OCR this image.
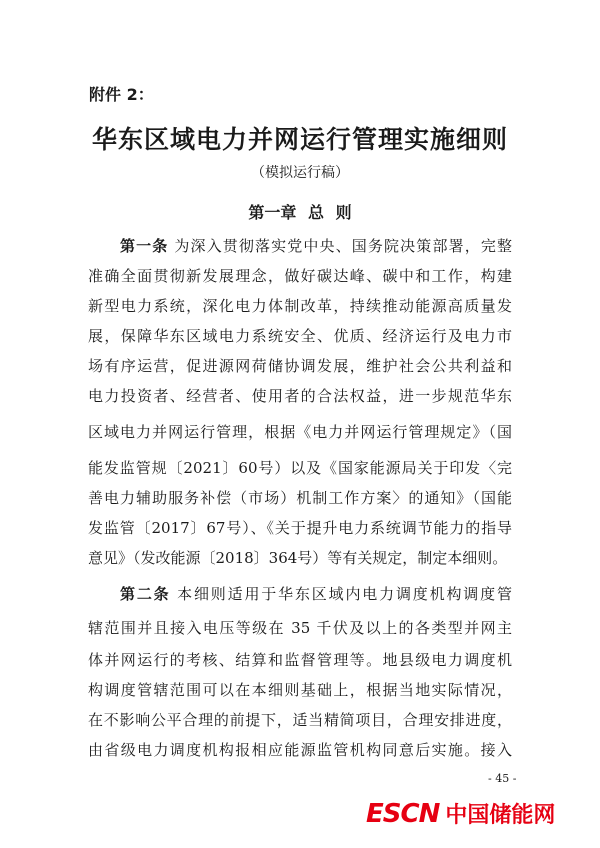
附件 2：
华东区域电力并网运行管理实施细则
（模拟运行稿）
第一章 总 则
第一条 为深入贯彻落实党中央、国务院决策部署，完整
准确全面贯彻新发展理念，做好碳达峰、碳中和工作，构建
新型电力系统，深化电力体制改革，持续推动能源高质量发
展，保障华东区域电力系统安全、优质、经济运行及电力市
场有序运营，促进源网荷储协调发展，维护社会公共利益和
电力投资者、经营者、使用者的合法权益，进一步规范华东
区域电力并网运行管理，根据《电力并网运行管理规定》（国
能发监管规〔2021〕60号）以及《国家能源局关于印发〈完
善电力辅助服务补偿（市场）机制工作方案〉的通知》（国能
发监管〔2017〕67号）、《关于提升电力系统调节能力的指导
意见》（发改能源〔2018〕364号）等有关规定，制定本细则。
第二条 本细则适用于华东区域内电力调度机构调度管
辖范围并且接入电压等级在 35 千伏及以上的各类型并网主
体并网运行的考核、结算和监督管理等。地县级电力调度机
构调度管辖范围可以在本细则基础上，根据当地实际情况，
在不影响公平合理的前提下，适当精简项目，合理安排进度，
由省级电力调度机构报相应能源监管机构同意后实施。接入
- 45 -
ESCN 中国储能网
